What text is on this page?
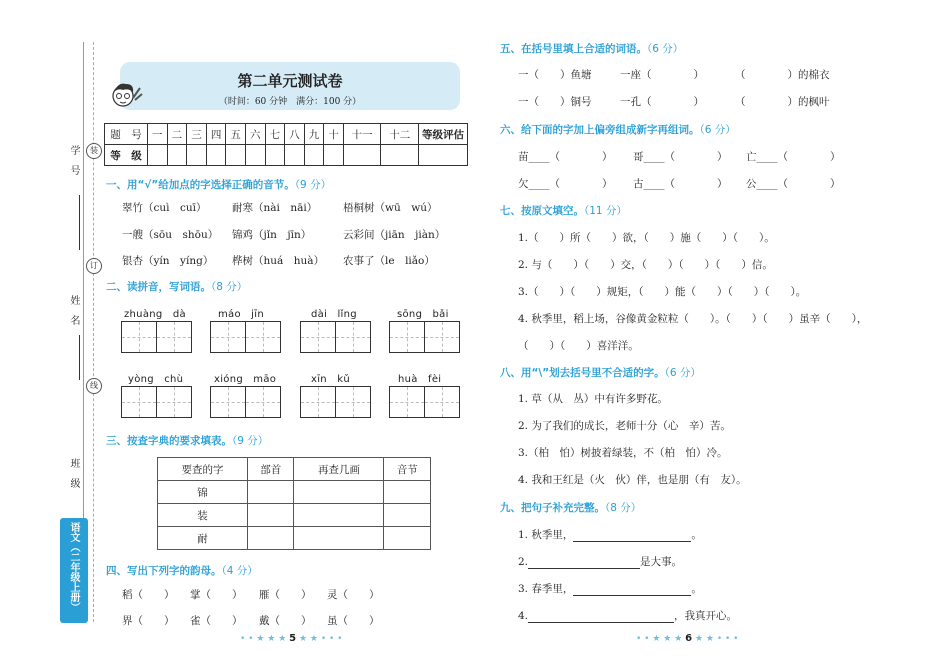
学　号	装
订
姓　名
线
班　级
语文（二年级上册）
第二单元测试卷
（时间：60 分钟　满分：100 分）
题　号	一	二	三	四	五	六	七	八	九	十	十一	十二	等级评估
等　级													
一、用“√”给加点的字选择正确的音节。（9 分）
翠竹（cuì　cuī） 耐寒（nài　nāi） 梧桐树（wū　wú）
一艘（sōu　shōu） 锦鸡（jǐn　jīn）	云彩间（jiān　jiàn）
银杏（yín　yíng） 桦树（huá　huà） 农事了（le　liǎo）
二、读拼音，写词语。（8 分）
zhuàng　dà	máo　jīn	dài　lǐng	sōng　bǎi
yòng　chù	xióng　māo	xīn　kǔ	huà　fèi
三、按查字典的要求填表。（9 分）
要查的字	部首	再查几画	音节
锦			
装			
耐			
四、写出下列字的韵母。（4 分）
稻（　　） 掌（　　） 雁（　　） 灵（　　）
界（　　） 雀（　　） 戴（　　） 虽（　　）
• • ★ ★ ★ 5 ★ ★ • • •
五、在括号里填上合适的词语。（6 分）
一（　　）鱼塘	一座（　　　　）	（　　　　）的棉衣
一（　　）铜号	一孔（　　　　）	（　　　　）的枫叶
六、给下面的字加上偏旁组成新字再组词。（6 分）
苗____（　　　　） 哥____（　　　　） 亡____（　　　　）
欠____（　　　　） 古____（　　　　） 公____（　　　　）
七、按原文填空。（11 分）
1.（　　）所（　　）欲，（　　）施（　　）（　　）。
2. 与（　　）（　　）交，（　　）（　　）（　　）信。
3.（　　）（　　）规矩，（　　）能（　　）（　　）（　　）。
4. 秋季里，稻上场，谷像黄金粒粒（　　）。（　　）（　　）虽辛（　　），
（　　）（　　）喜洋洋。
八、用“\”划去括号里不合适的字。（6 分）
1. 草（从　丛）中有许多野花。
2. 为了我们的成长，老师十分（心　辛）苦。
3.（柏　怕）树披着绿装，不（柏　怕）冷。
4. 我和王红是（火　伙）伴，也是朋（有　友）。
九、把句子补充完整。（8 分）
1. 秋季里，	。
2.	是大事。
3. 春季里，	。
4.	，我真开心。
• • ★ ★ ★ 6 ★ ★ • • •
